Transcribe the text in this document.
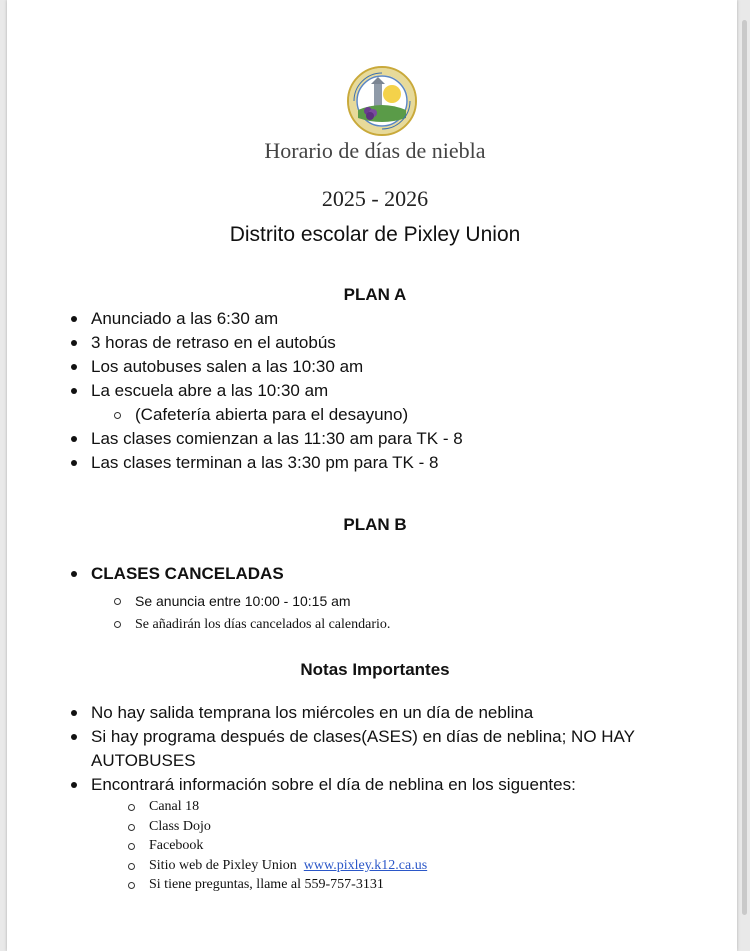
Horario de días de niebla
2025 - 2026
Distrito escolar de Pixley Union
PLAN A
Anunciado a las 6:30 am
3 horas de retraso en el autobús
Los autobuses salen a las 10:30 am
La escuela abre a las 10:30 am
Las clases comienzan a las 11:30 am para TK - 8
Las clases terminan a las 3:30 pm para TK - 8
(Cafetería abierta para el desayuno)
PLAN B
CLASES CANCELADAS
Se anuncia entre 10:00 - 10:15 am
Se añadirán los días cancelados al calendario.
Notas Importantes
No hay salida temprana los miércoles en un día de neblina
Si hay programa después de clases(ASES) en días de neblina; NO HAY AUTOBUSES
Encontrará información sobre el día de neblina en los siguentes:
Canal 18
Class Dojo
Facebook
Sitio web de Pixley Union www.pixley.k12.ca.us
Si tiene preguntas, llame al 559-757-3131
